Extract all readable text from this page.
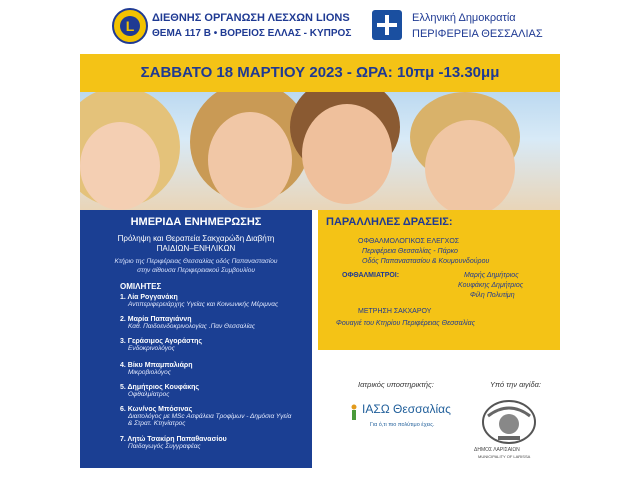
L	ΔΙΕΘΝΗΣ ΟΡΓΑΝΩΣΗ ΛΕΣΧΩΝ LIONS
ΘΕΜΑ 117 Β • ΒΟΡΕΙΟΣ ΕΛΛΑΣ - ΚΥΠΡΟΣ
Ελληνική Δημοκρατία
ΠΕΡΙΦΕΡΕΙΑ ΘΕΣΣΑΛΙΑΣ
ΣΑΒΒΑΤΟ 18 ΜΑΡΤΙΟΥ 2023 - ΩΡΑ: 10πμ -13.30μμ
ΗΜΕΡΙΔΑ ΕΝΗΜΕΡΩΣΗΣ
Πρόληψη και Θεραπεία Σακχαρώδη Διαβήτη
ΠΑΙΔΙΩΝ–ΕΝΗΛΙΚΩΝ
Κτήριο της Περιφέρειας Θεσσαλίας οδός Παπαναστασίου
στην αίθουσα Περιφερειακού Συμβουλίου
ΟΜΙΛΗΤΕΣ
1. Λία Ρογγανάκη
Αντιπεριφερειάρχης Υγείας και Κοινωνικής Μέριμνας
2. Μαρία Παπαγιάννη
Καθ. Παιδοενδοκρινολογίας .Παν Θεσσαλίας
3. Γεράσιμος Αγοράστης
Ενδοκρινολόγος
4. Βίκυ Μπαμπαλιάρη
Μικροβιολόγος
5. Δημήτριος Κουφάκης
Οφθαλμίατρος
6. Κων/νος Μπόσινας
Διαιτολόγος με MSc Ασφάλεια Τροφίμων - Δημόσια Υγεία
& Στρατ. Κτηνίατρος
7. Λητώ Τσακίρη Παπαθανασίου
Παιδαγωγός Συγγραφέας
ΠΑΡΑΛΛΗΛΕΣ ΔΡΑΣΕΙΣ:
ΟΦΘΑΛΜΟΛΟΓΙΚΟΣ ΕΛΕΓΧΟΣ
Περιφέρεια Θεσσαλίας - Πάρκο
Οδός Παπαναστασίου & Κουμουνδούρου
ΟΦΘΑΛΜΙΑΤΡΟΙ:	Μαρής Δημήτριος
Κουφάκης Δημήτριος
Φίλη Πολυτίμη
ΜΕΤΡΗΣΗ ΣΑΚΧΑΡΟΥ
Φουαγιέ του Κτηρίου Περιφέρειας Θεσσαλίας
Ιατρικός υποστηρικτής:	Υπό την αιγίδα:
ΙΑΣΩ Θεσσαλίας
Για ό,τι πιο πολύτιμο έχεις.
ΔΗΜΟΣ ΛΑΡΙΣΑΙΩΝ
MUNICIPALITY OF LARISSA
